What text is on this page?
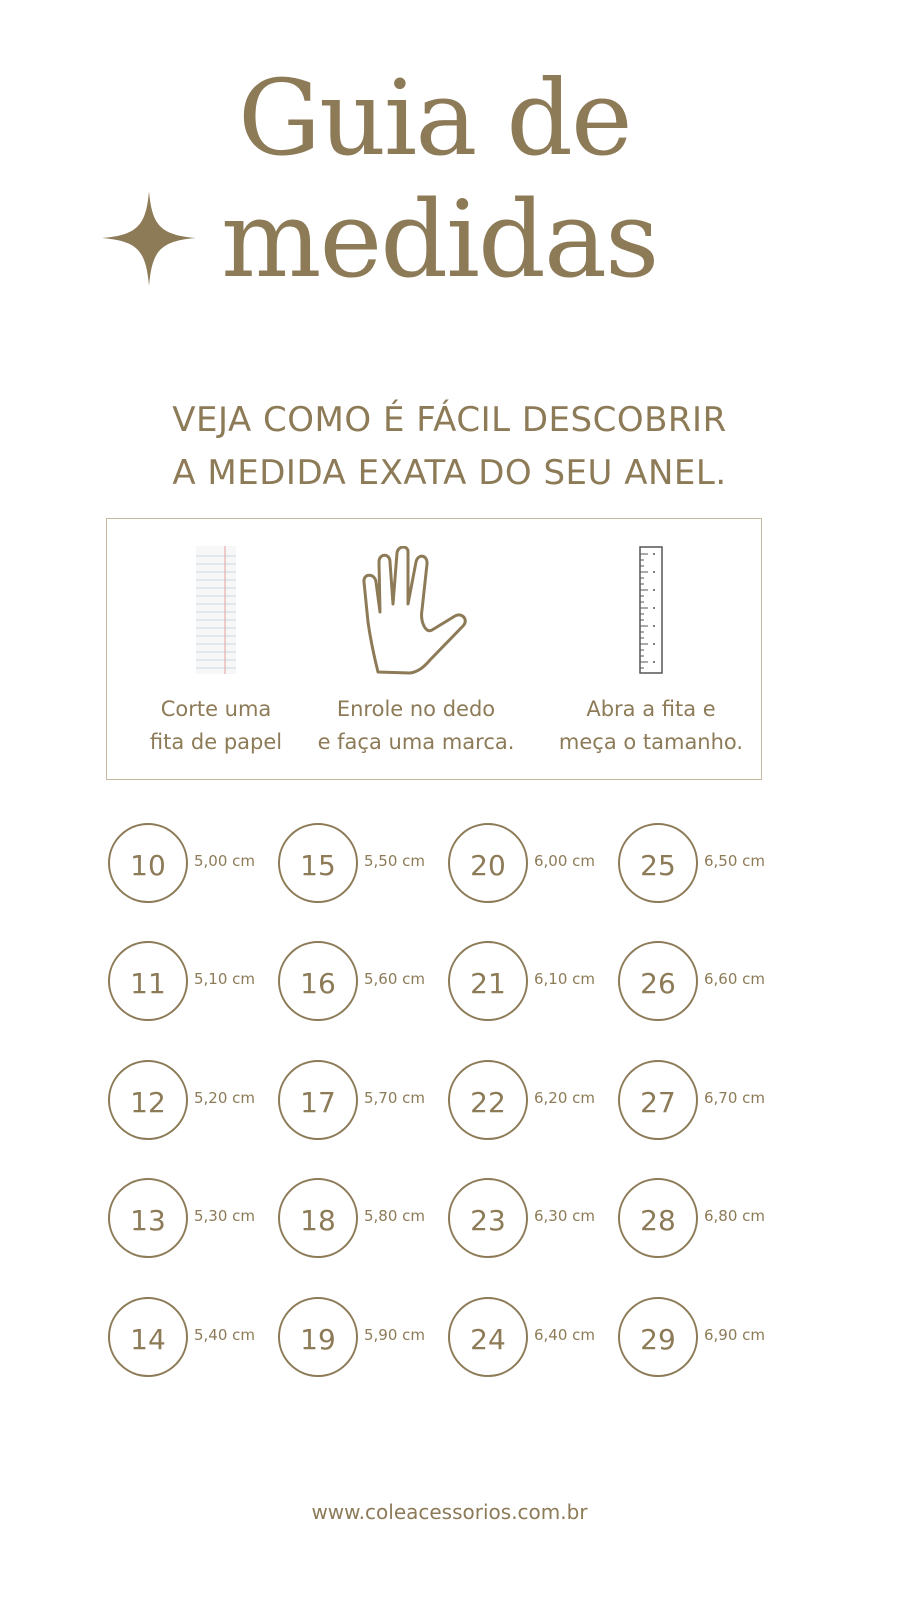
Guia de
medidas
VEJA COMO É FÁCIL DESCOBRIR
A MEDIDA EXATA DO SEU ANEL.
Corte uma
fita de papel
Enrole no dedo
e faça uma marca.
Abra a fita e
meça o tamanho.
10	5,00 cm	15	5,50 cm	20	6,00 cm	25	6,50 cm
11	5,10 cm	16	5,60 cm	21	6,10 cm	26	6,60 cm
12	5,20 cm	17	5,70 cm	22	6,20 cm	27	6,70 cm
13	5,30 cm	18	5,80 cm	23	6,30 cm	28	6,80 cm
14	5,40 cm	19	5,90 cm	24	6,40 cm	29	6,90 cm
www.coleacessorios.com.br
